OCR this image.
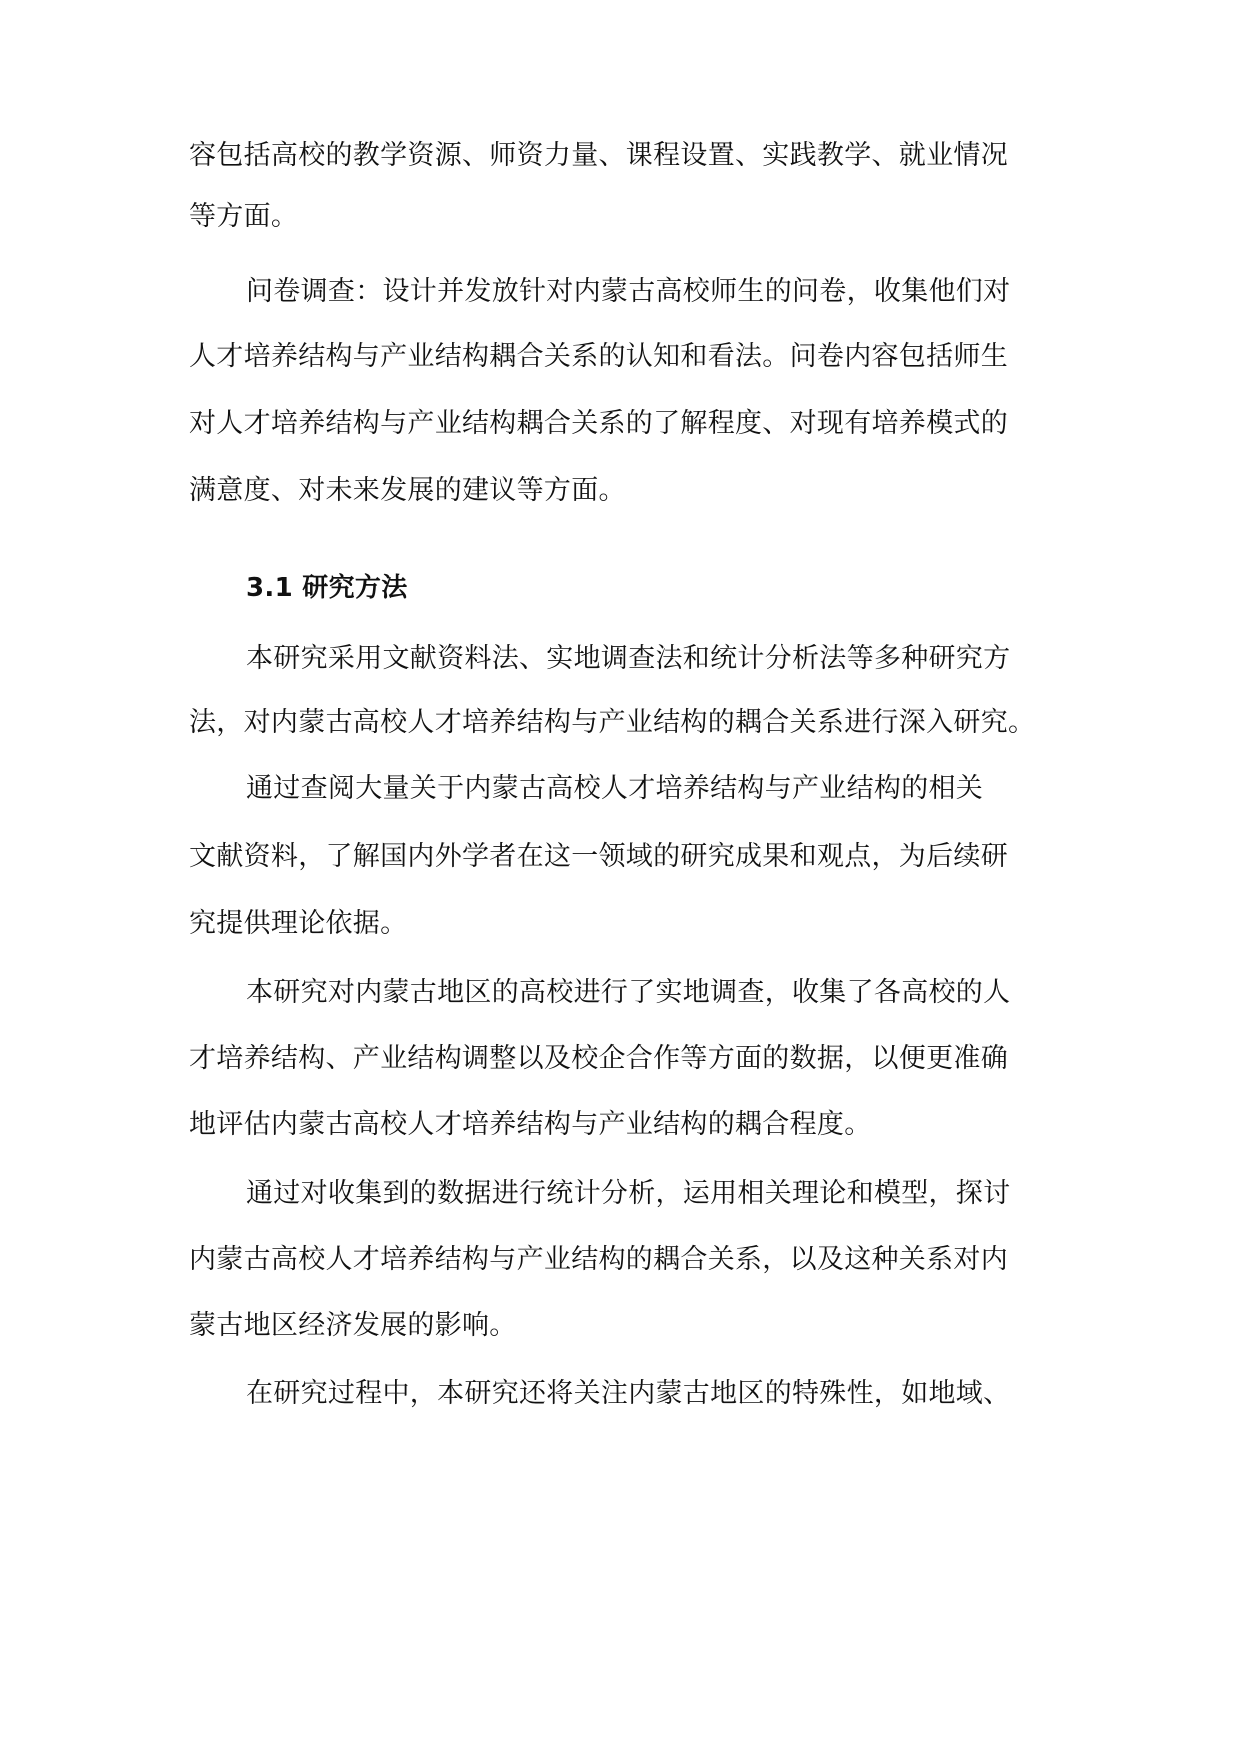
容包括高校的教学资源、师资力量、课程设置、实践教学、就业情况
等方面。
问卷调查：设计并发放针对内蒙古高校师生的问卷，收集他们对
人才培养结构与产业结构耦合关系的认知和看法。问卷内容包括师生
对人才培养结构与产业结构耦合关系的了解程度、对现有培养模式的
满意度、对未来发展的建议等方面。
3.1 研究方法
本研究采用文献资料法、实地调查法和统计分析法等多种研究方
法，对内蒙古高校人才培养结构与产业结构的耦合关系进行深入研究。
通过查阅大量关于内蒙古高校人才培养结构与产业结构的相关
文献资料，了解国内外学者在这一领域的研究成果和观点，为后续研
究提供理论依据。
本研究对内蒙古地区的高校进行了实地调查，收集了各高校的人
才培养结构、产业结构调整以及校企合作等方面的数据，以便更准确
地评估内蒙古高校人才培养结构与产业结构的耦合程度。
通过对收集到的数据进行统计分析，运用相关理论和模型，探讨
内蒙古高校人才培养结构与产业结构的耦合关系，以及这种关系对内
蒙古地区经济发展的影响。
在研究过程中，本研究还将关注内蒙古地区的特殊性，如地域、
